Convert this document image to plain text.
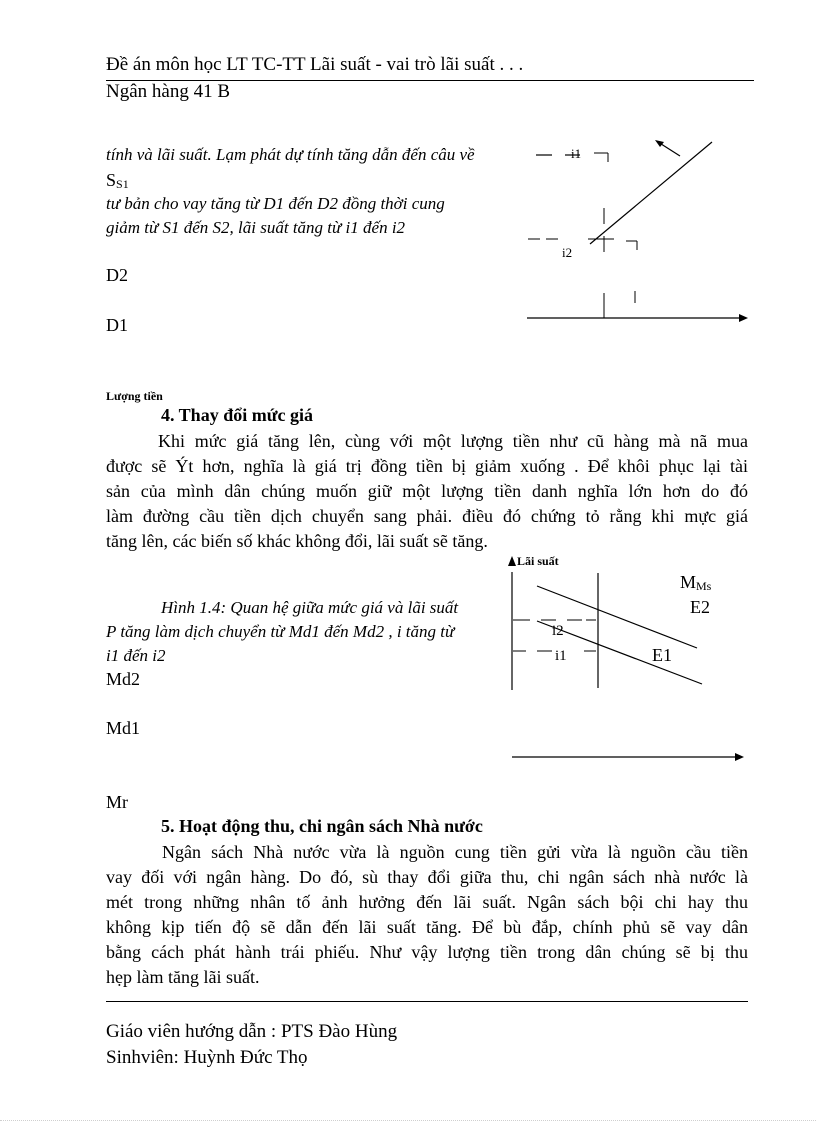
Đề án môn học LT TC-TT Lãi suất - vai trò lãi suất . . .
Ngân hàng 41 B
tính và lãi suất. Lạm phát dự tính tăng dẫn đến câu về
$S_{S1}$
tư bản cho vay tăng từ D1 đến D2 đồng thời cung
giảm từ S1 đến S2, lãi suất tăng từ i1 đến i2
D2
D1
i1
i2
Lượng tiền
4. Thay đổi mức giá
Khi mức giá tăng lên, cùng với một lượng tiền như cũ hàng mà nã mua
được sẽ Ýt hơn, nghĩa là giá trị đồng tiền bị giảm xuống . Để khôi phục lại tài
sản của mình dân chúng muốn giữ một lượng tiền danh nghĩa lớn hơn do đó
làm đường cầu tiền dịch chuyển sang phải. điều đó chứng tỏ rằng khi mực giá
tăng lên, các biến số khác không đổi, lãi suất sẽ tăng.
Lãi suất
Hình 1.4: Quan hệ giữa mức giá và lãi suất
P tăng làm dịch chuyển từ Md1 đến Md2 , i tăng từ
i1 đến i2
$M_{Ms}$
E2
E1
i2
i1
Md2
Md1
Mr
5. Hoạt động thu, chi ngân sách Nhà nước
Ngân sách Nhà nước vừa là nguồn cung tiền gửi vừa là nguồn cầu tiền
vay đối với ngân hàng. Do đó, sù thay đổi giữa thu, chi ngân sách nhà nước là
mét trong những nhân tố ảnh hưởng đến lãi suất. Ngân sách bội chi hay thu
không kịp tiến độ sẽ dẫn đến lãi suất tăng. Để bù đắp, chính phủ sẽ vay dân
bằng cách phát hành trái phiếu. Như vậy lượng tiền trong dân chúng sẽ bị thu
hẹp làm tăng lãi suất.
Giáo viên hướng dẫn : PTS Đào Hùng
Sinhviên: Huỳnh Đức Thọ
